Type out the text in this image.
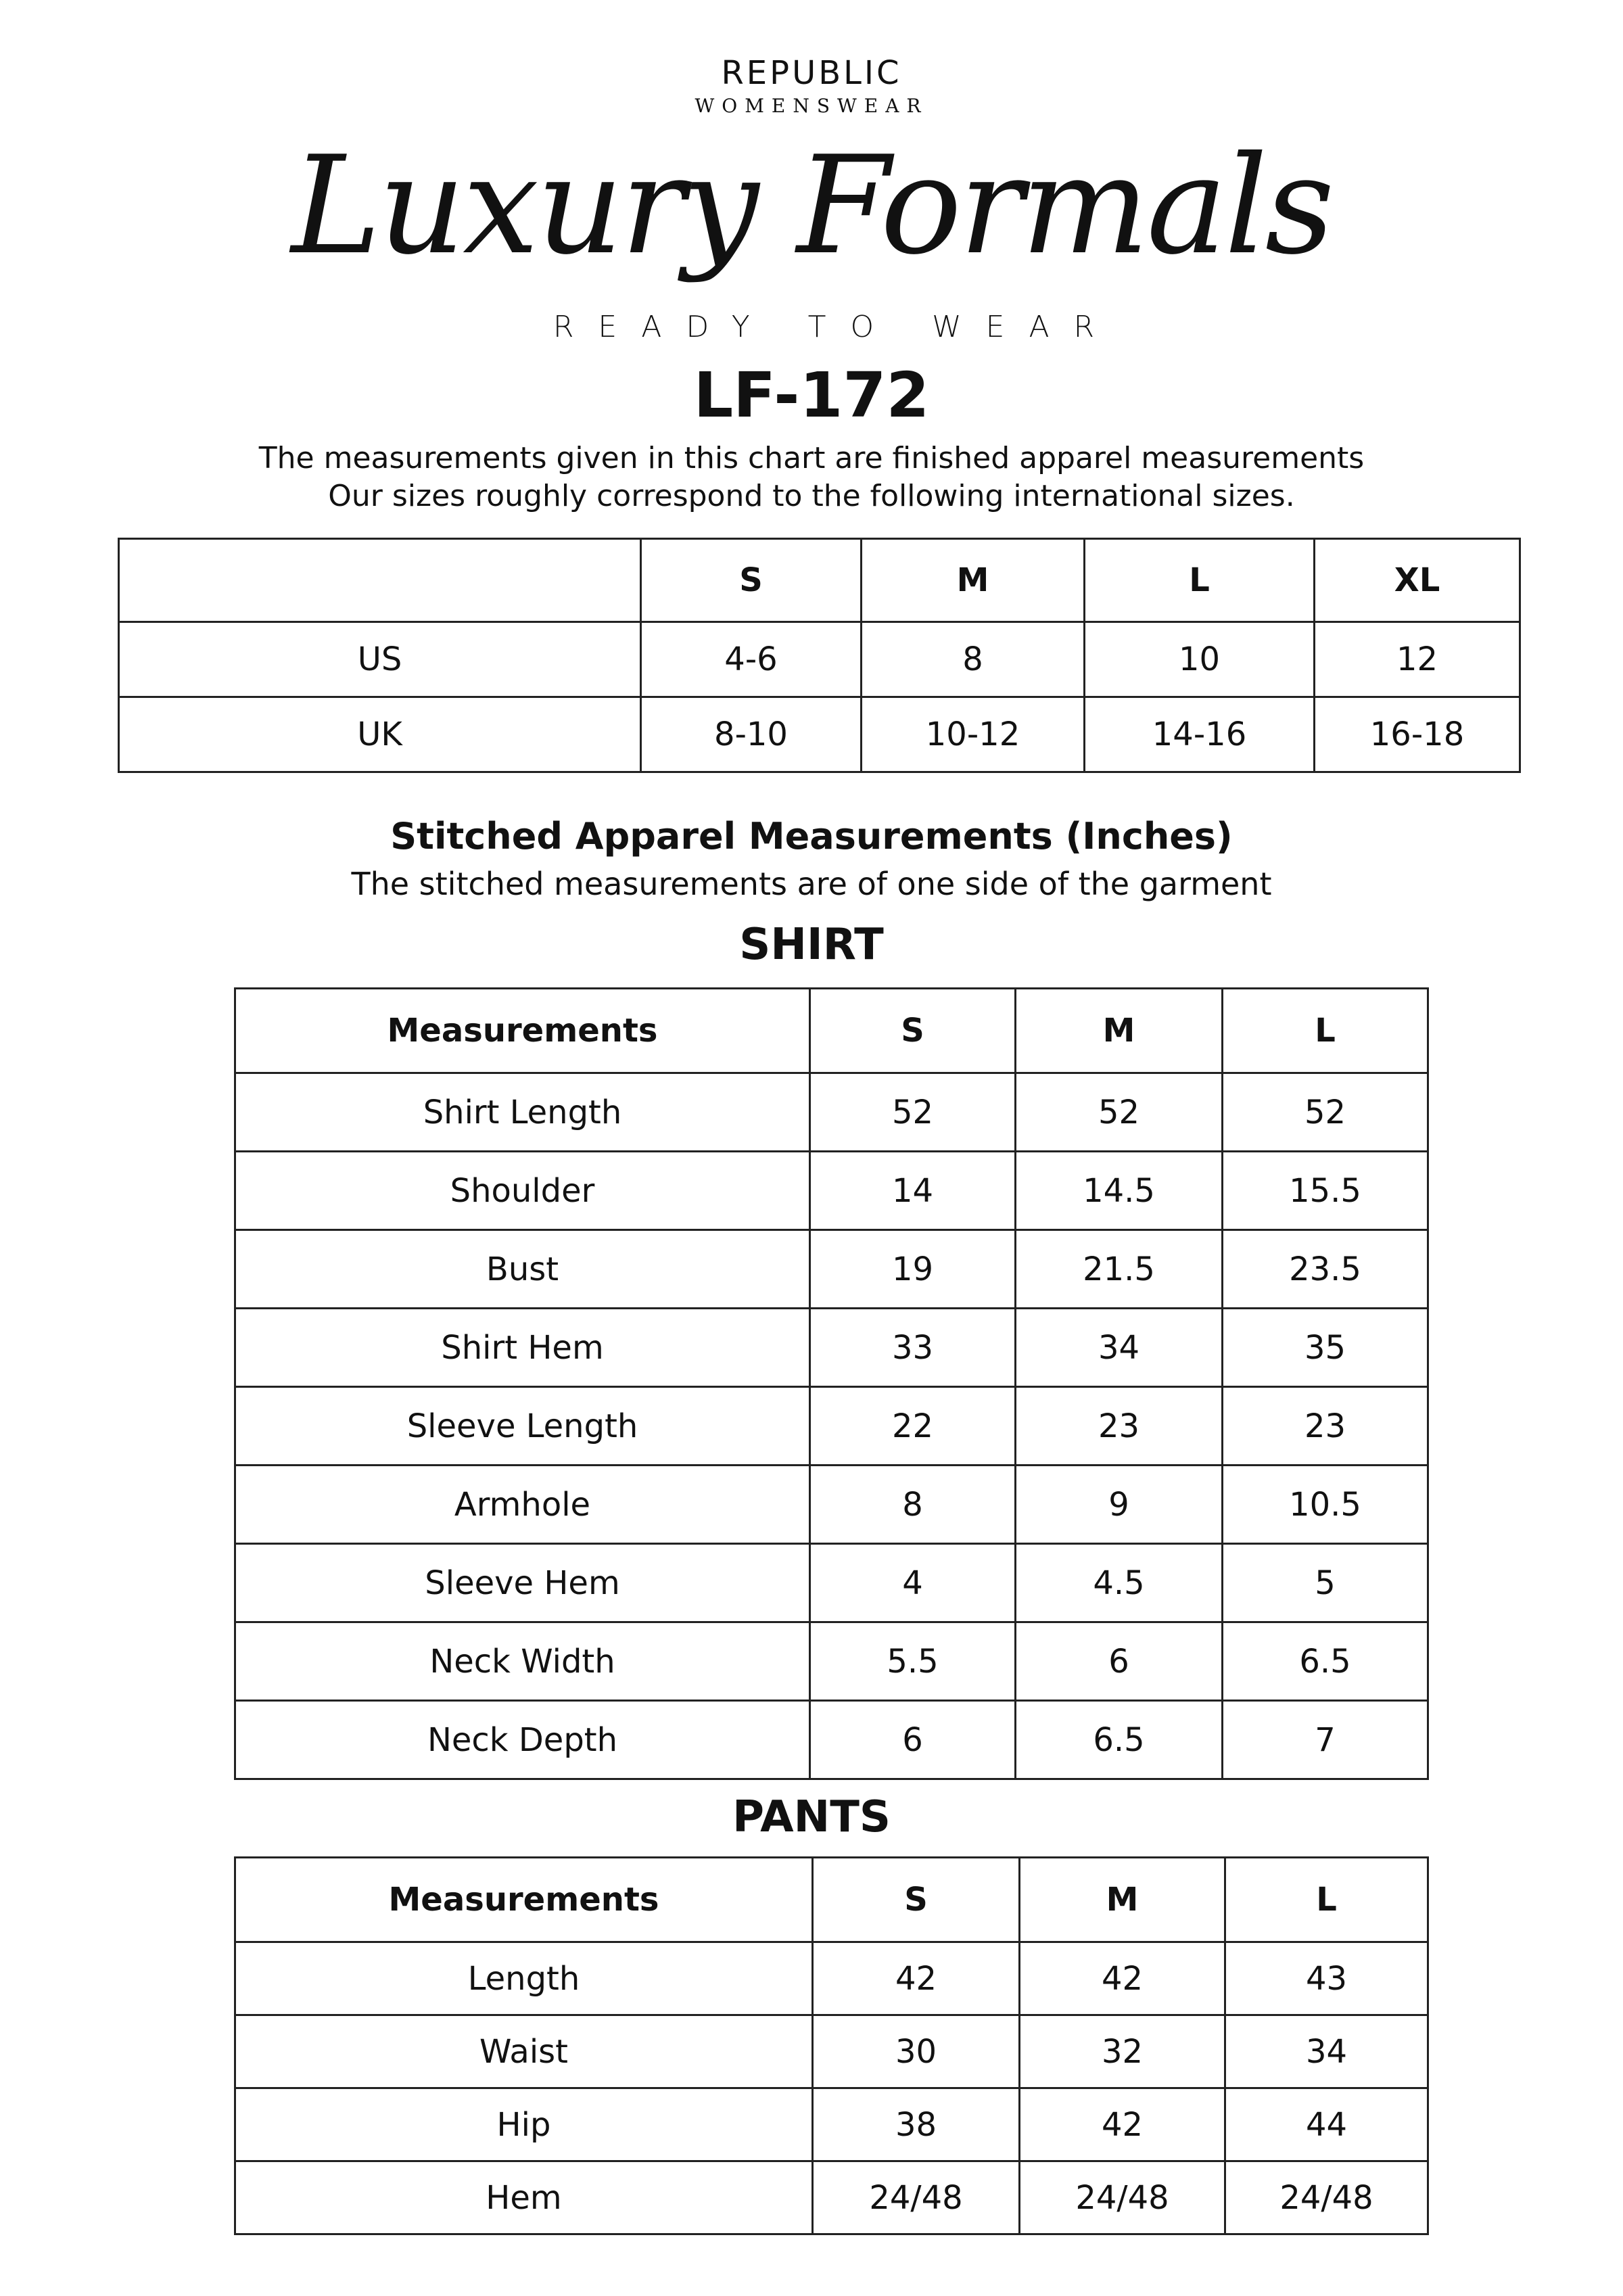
REPUBLIC
WOMENSWEAR
Luxury Formals
READY TO WEAR
LF-172
The measurements given in this chart are finished apparel measurements
Our sizes roughly correspond to the following international sizes.
	S	M	L	XL
US	4-6	8	10	12
UK	8-10	10-12	14-16	16-18
Stitched Apparel Measurements (Inches)
The stitched measurements are of one side of the garment
SHIRT
Measurements	S	M	L
Shirt Length	52	52	52
Shoulder	14	14.5	15.5
Bust	19	21.5	23.5
Shirt Hem	33	34	35
Sleeve Length	22	23	23
Armhole	8	9	10.5
Sleeve Hem	4	4.5	5
Neck Width	5.5	6	6.5
Neck Depth	6	6.5	7
PANTS
Measurements	S	M	L
Length	42	42	43
Waist	30	32	34
Hip	38	42	44
Hem	24/48	24/48	24/48
